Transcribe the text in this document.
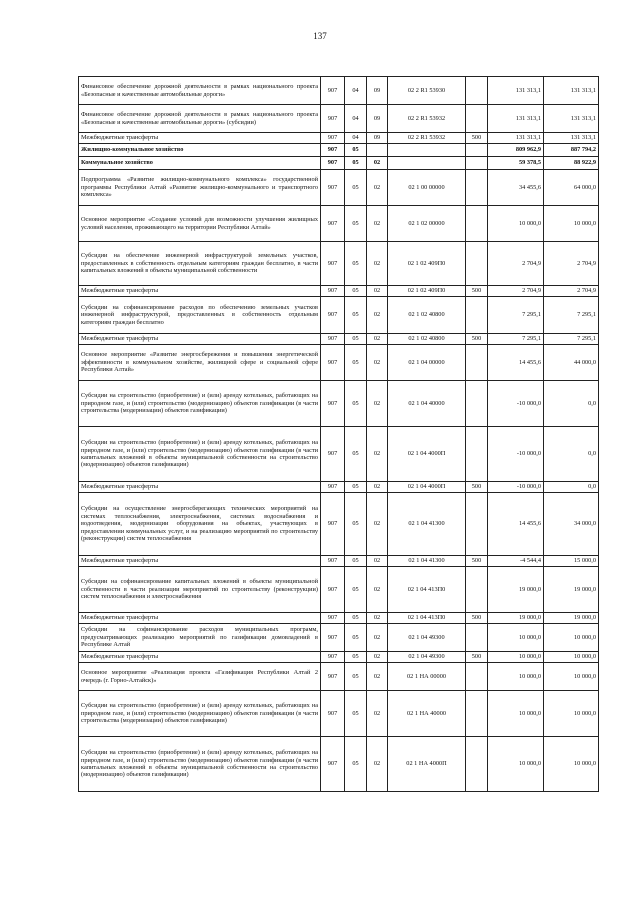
137
Финансовое обеспечение дорожной деятельности в рамках национального проекта «Безопасные и качественные автомобильные дороги»	907	04	09	02 2 R1 53930		131 313,1	131 313,1
Финансовое обеспечение дорожной деятельности в рамках национального проекта «Безопасные и качественные автомобильные дороги» (субсидии)	907	04	09	02 2 R1 53932		131 313,1	131 313,1
Межбюджетные трансферты	907	04	09	02 2 R1 53932	500	131 313,1	131 313,1
Жилищно-коммунальное хозяйство	907	05				809 962,9	887 794,2
Коммунальное хозяйство	907	05	02			59 378,5	88 922,9
Подпрограмма «Развитие жилищно-коммунального комплекса» государственной программы Республики Алтай «Развитие жилищно-коммунального и транспортного комплекса»	907	05	02	02 1 00 00000		34 455,6	64 000,0
Основное мероприятие «Создание условий для возможности улучшения жилищных условий населения, проживающего на территории Республики Алтай»	907	05	02	02 1 02 00000		10 000,0	10 000,0
Субсидии на обеспечение инженерной инфраструктурой земельных участков, предоставленных в собственность отдельным категориям граждан бесплатно, в части капитальных вложений в объекты муниципальной собственности	907	05	02	02 1 02 409П0		2 704,9	2 704,9
Межбюджетные трансферты	907	05	02	02 1 02 409П0	500	2 704,9	2 704,9
Субсидии на софинансирование расходов по обеспечению земельных участков инженерной инфраструктурой, предоставленных в собственность отдельным категориям граждан бесплатно	907	05	02	02 1 02 40800		7 295,1	7 295,1
Межбюджетные трансферты	907	05	02	02 1 02 40800	500	7 295,1	7 295,1
Основное мероприятие «Развитие энергосбережения и повышения энергетической эффективности в коммунальном хозяйстве, жилищной сфере и социальной сфере Республики Алтай»	907	05	02	02 1 04 00000		14 455,6	44 000,0
Субсидии на строительство (приобретение) и (или) аренду котельных, работающих на природном газе, и (или) строительство (модернизацию) объектов газификации (в части строительства (модернизации) объектов газификации)	907	05	02	02 1 04 40000		-10 000,0	0,0
Субсидии на строительство (приобретение) и (или) аренду котельных, работающих на природном газе, и (или) строительство (модернизацию) объектов газификации (в части капитальных вложений в объекты муниципальной собственности на строительство (модернизацию) объектов газификации)	907	05	02	02 1 04 4000П		-10 000,0	0,0
Межбюджетные трансферты	907	05	02	02 1 04 4000П	500	-10 000,0	0,0
Субсидии на осуществление энергосберегающих технических мероприятий на системах теплоснабжения, электроснабжения, системах водоснабжения и водоотведения, модернизации оборудования на объектах, участвующих в предоставлении коммунальных услуг, и на реализацию мероприятий по строительству (реконструкции) систем теплоснабжения	907	05	02	02 1 04 41300		14 455,6	34 000,0
Межбюджетные трансферты	907	05	02	02 1 04 41300	500	-4 544,4	15 000,0
Субсидии на софинансирование капитальных вложений в объекты муниципальной собственности в части реализации мероприятий по строительству (реконструкции) систем теплоснабжения и электроснабжения	907	05	02	02 1 04 413П0		19 000,0	19 000,0
Межбюджетные трансферты	907	05	02	02 1 04 413П0	500	19 000,0	19 000,0
Субсидии на софинансирование расходов муниципальных программ, предусматривающих реализацию мероприятий по газификации домовладений в Республике Алтай	907	05	02	02 1 04 49300		10 000,0	10 000,0
Межбюджетные трансферты	907	05	02	02 1 04 49300	500	10 000,0	10 000,0
Основное мероприятие «Реализация проекта «Газификация Республики Алтай 2 очередь (г. Горно-Алтайск)»	907	05	02	02 1 НА 00000		10 000,0	10 000,0
Субсидии на строительство (приобретение) и (или) аренду котельных, работающих на природном газе, и (или) строительство (модернизацию) объектов газификации (в части строительства (модернизации) объектов газификации)	907	05	02	02 1 НА 40000		10 000,0	10 000,0
Субсидии на строительство (приобретение) и (или) аренду котельных, работающих на природном газе, и (или) строительство (модернизацию) объектов газификации (в части капитальных вложений в объекты муниципальной собственности на строительство (модернизацию) объектов газификации)	907	05	02	02 1 НА 4000П		10 000,0	10 000,0
